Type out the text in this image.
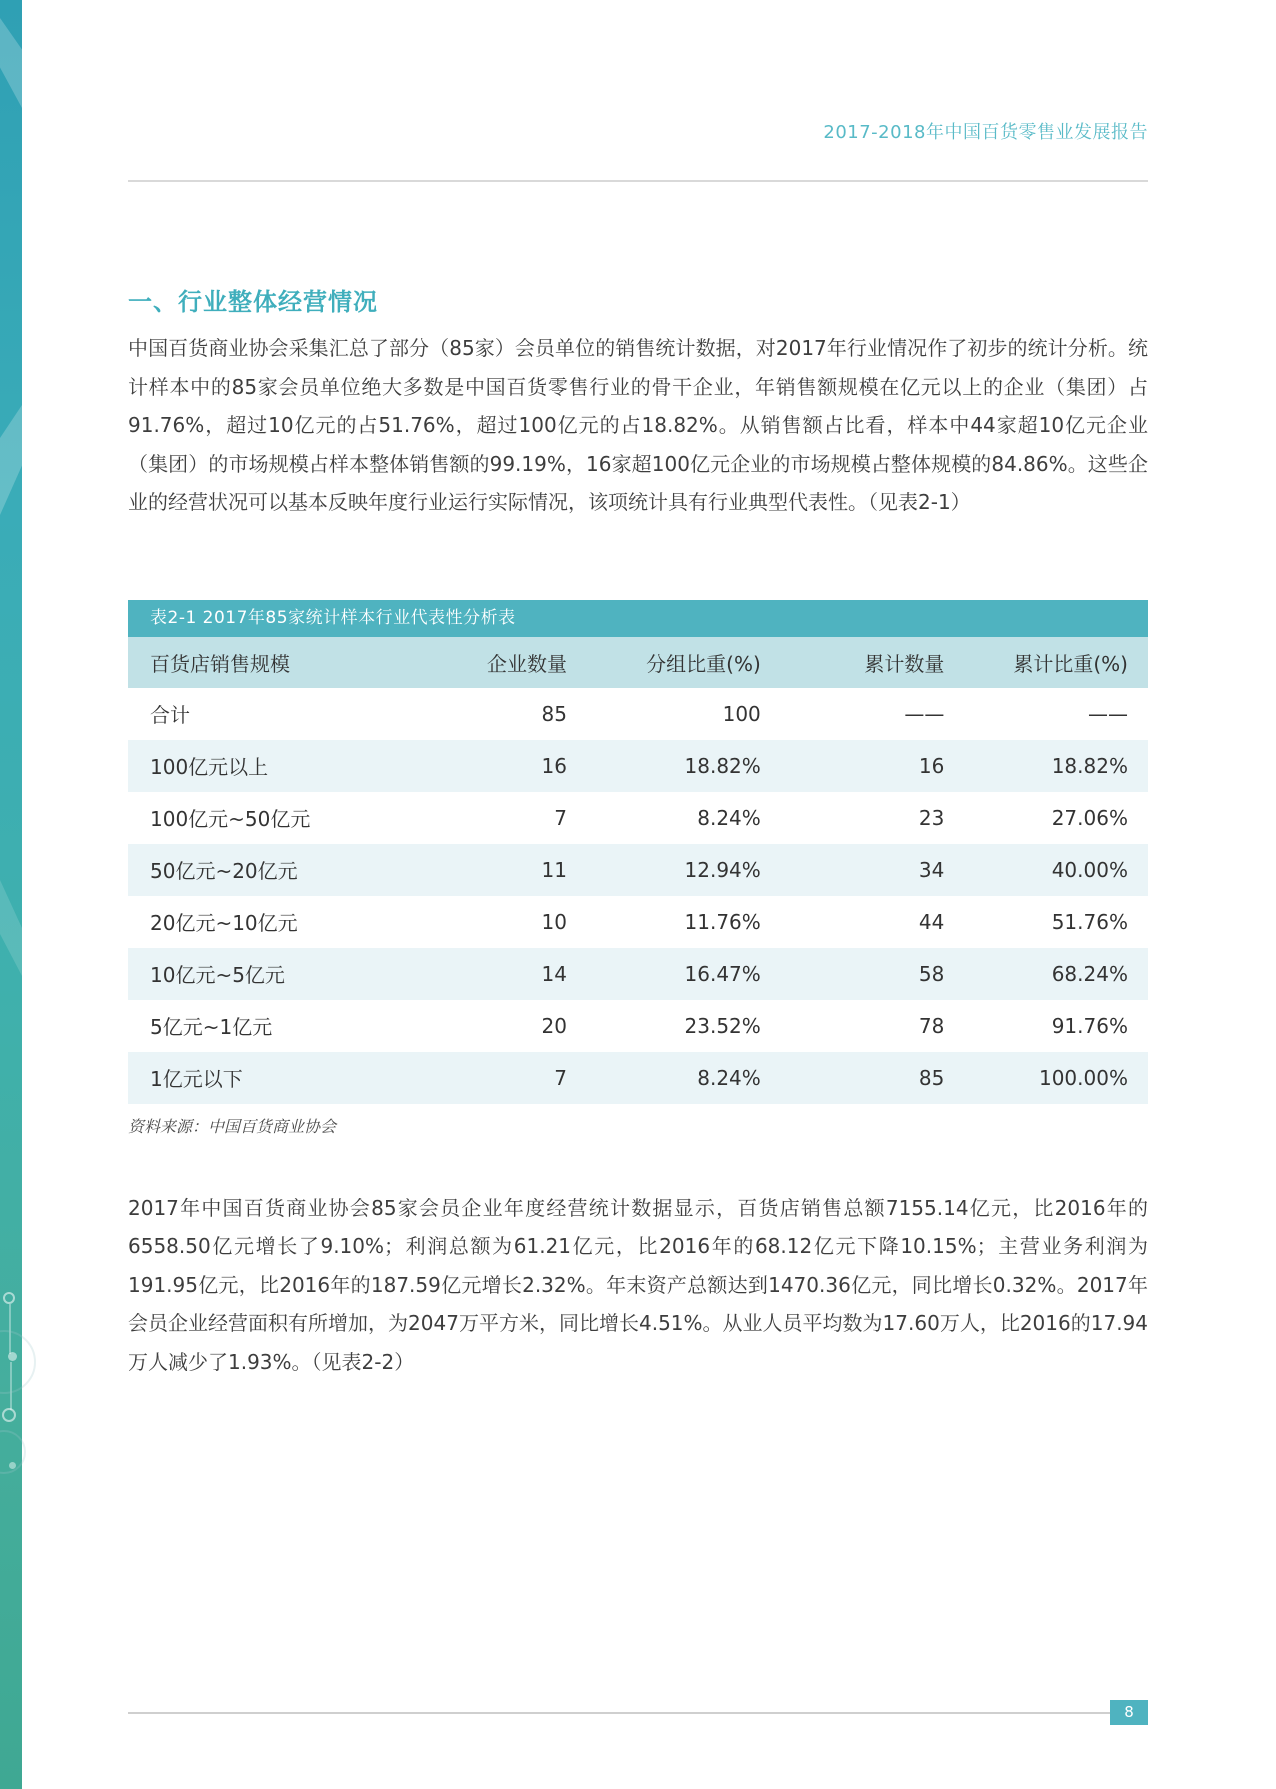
2017-2018年中国百货零售业发展报告
一、行业整体经营情况
中国百货商业协会采集汇总了部分（85家）会员单位的销售统计数据，对2017年行业情况作了初步的统计分析。统计样本中的85家会员单位绝大多数是中国百货零售行业的骨干企业，年销售额规模在亿元以上的企业（集团）占91.76%，超过10亿元的占51.76%，超过100亿元的占18.82%。从销售额占比看，样本中44家超10亿元企业（集团）的市场规模占样本整体销售额的99.19%，16家超100亿元企业的市场规模占整体规模的84.86%。这些企业的经营状况可以基本反映年度行业运行实际情况，该项统计具有行业典型代表性。（见表2-1）
表2-1 2017年85家统计样本行业代表性分析表
百货店销售规模	企业数量	分组比重(%)	累计数量	累计比重(%)
合计	85	100	——	——
100亿元以上	16	18.82%	16	18.82%
100亿元~50亿元	7	8.24%	23	27.06%
50亿元~20亿元	11	12.94%	34	40.00%
20亿元~10亿元	10	11.76%	44	51.76%
10亿元~5亿元	14	16.47%	58	68.24%
5亿元~1亿元	20	23.52%	78	91.76%
1亿元以下	7	8.24%	85	100.00%
资料来源：中国百货商业协会
2017年中国百货商业协会85家会员企业年度经营统计数据显示，百货店销售总额7155.14亿元，比2016年的6558.50亿元增长了9.10%；利润总额为61.21亿元，比2016年的68.12亿元下降10.15%；主营业务利润为191.95亿元，比2016年的187.59亿元增长2.32%。年末资产总额达到1470.36亿元，同比增长0.32%。2017年会员企业经营面积有所增加，为2047万平方米，同比增长4.51%。从业人员平均数为17.60万人，比2016的17.94万人减少了1.93%。（见表2-2）
8
